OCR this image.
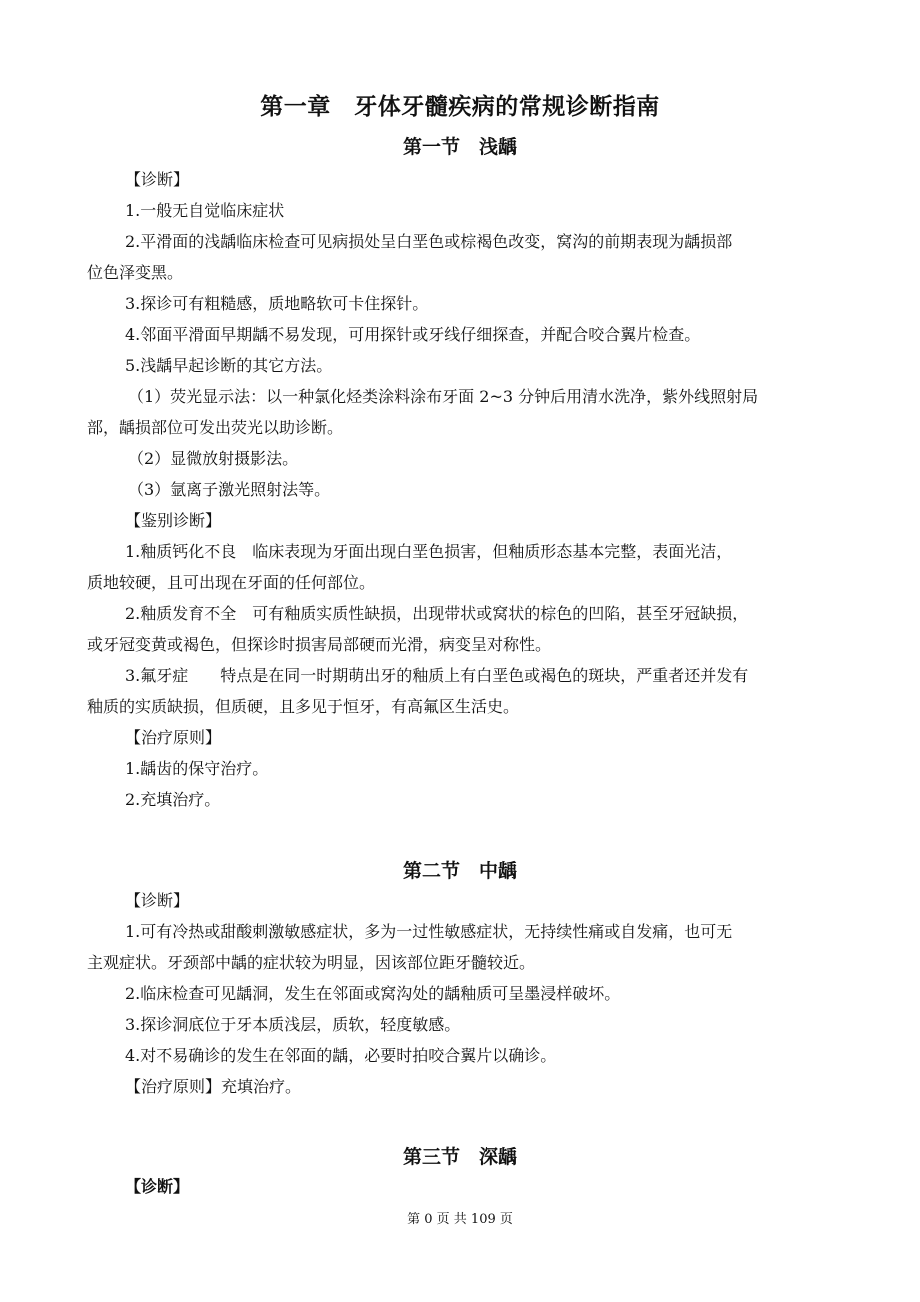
第一章　牙体牙髓疾病的常规诊断指南
第一节　浅龋

【诊断】

1.一般无自觉临床症状

2.平滑面的浅龋临床检查可见病损处呈白垩色或棕褐色改变，窝沟的前期表现为龋损部

位色泽变黑。

3.探诊可有粗糙感，质地略软可卡住探针。

4.邻面平滑面早期龋不易发现，可用探针或牙线仔细探查，并配合咬合翼片检查。

5.浅龋早起诊断的其它方法。

（1）荧光显示法：以一种氯化烃类涂料涂布牙面 2~3 分钟后用清水洗净，紫外线照射局

部，龋损部位可发出荧光以助诊断。

（2）显微放射摄影法。

（3）氩离子激光照射法等。

【鉴别诊断】

1.釉质钙化不良　临床表现为牙面出现白垩色损害，但釉质形态基本完整，表面光洁，

质地较硬，且可出现在牙面的任何部位。

2.釉质发育不全　可有釉质实质性缺损，出现带状或窝状的棕色的凹陷，甚至牙冠缺损，

或牙冠变黄或褐色，但探诊时损害局部硬而光滑，病变呈对称性。

3.氟牙症　　特点是在同一时期萌出牙的釉质上有白垩色或褐色的斑块，严重者还并发有

釉质的实质缺损，但质硬，且多见于恒牙，有高氟区生活史。

【治疗原则】

1.龋齿的保守治疗。

2.充填治疗。

第二节　中龋

【诊断】

1.可有冷热或甜酸刺激敏感症状，多为一过性敏感症状，无持续性痛或自发痛，也可无

主观症状。牙颈部中龋的症状较为明显，因该部位距牙髓较近。

2.临床检查可见龋洞，发生在邻面或窝沟处的龋釉质可呈墨浸样破坏。

3.探诊洞底位于牙本质浅层，质软，轻度敏感。

4.对不易确诊的发生在邻面的龋，必要时拍咬合翼片以确诊。

【治疗原则】充填治疗。

第三节　深龋

【诊断】

第 0 页 共 109 页
